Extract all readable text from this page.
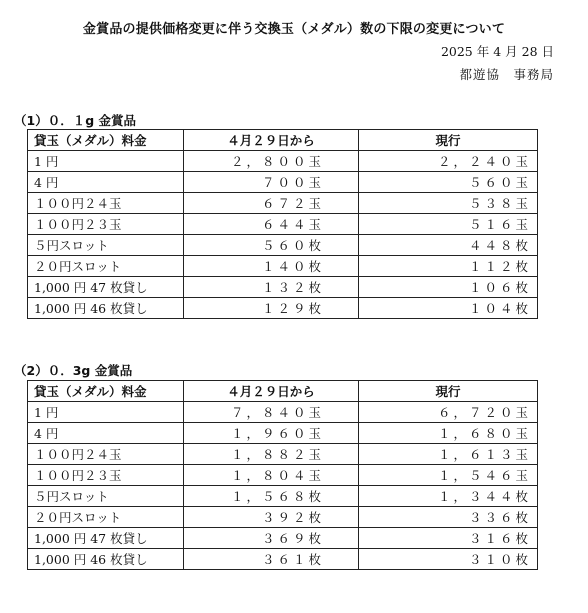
金賞品の提供価格変更に伴う交換玉（メダル）数の下限の変更について
2025 年 4 月 28 日
都遊協　事務局
（1）０．１g 金賞品
貸玉（メダル）料金	４月２９日から	現行
1 円	２，８００玉	２，２４０玉
4 円	７００玉	５６０玉
１００円２４玉	６７２玉	５３８玉
１００円２３玉	６４４玉	５１６玉
５円スロット	５６０枚	４４８枚
２０円スロット	１４０枚	１１２枚
1,000 円 47 枚貸し	１３２枚	１０６枚
1,000 円 46 枚貸し	１２９枚	１０４枚
（2）０．3g 金賞品
貸玉（メダル）料金	４月２９日から	現行
1 円	７，８４０玉	６，７２０玉
4 円	１，９６０玉	１，６８０玉
１００円２４玉	１，８８２玉	１，６１３玉
１００円２３玉	１，８０４玉	１，５４６玉
５円スロット	１，５６８枚	１，３４４枚
２０円スロット	３９２枚	３３６枚
1,000 円 47 枚貸し	３６９枚	３１６枚
1,000 円 46 枚貸し	３６１枚	３１０枚
